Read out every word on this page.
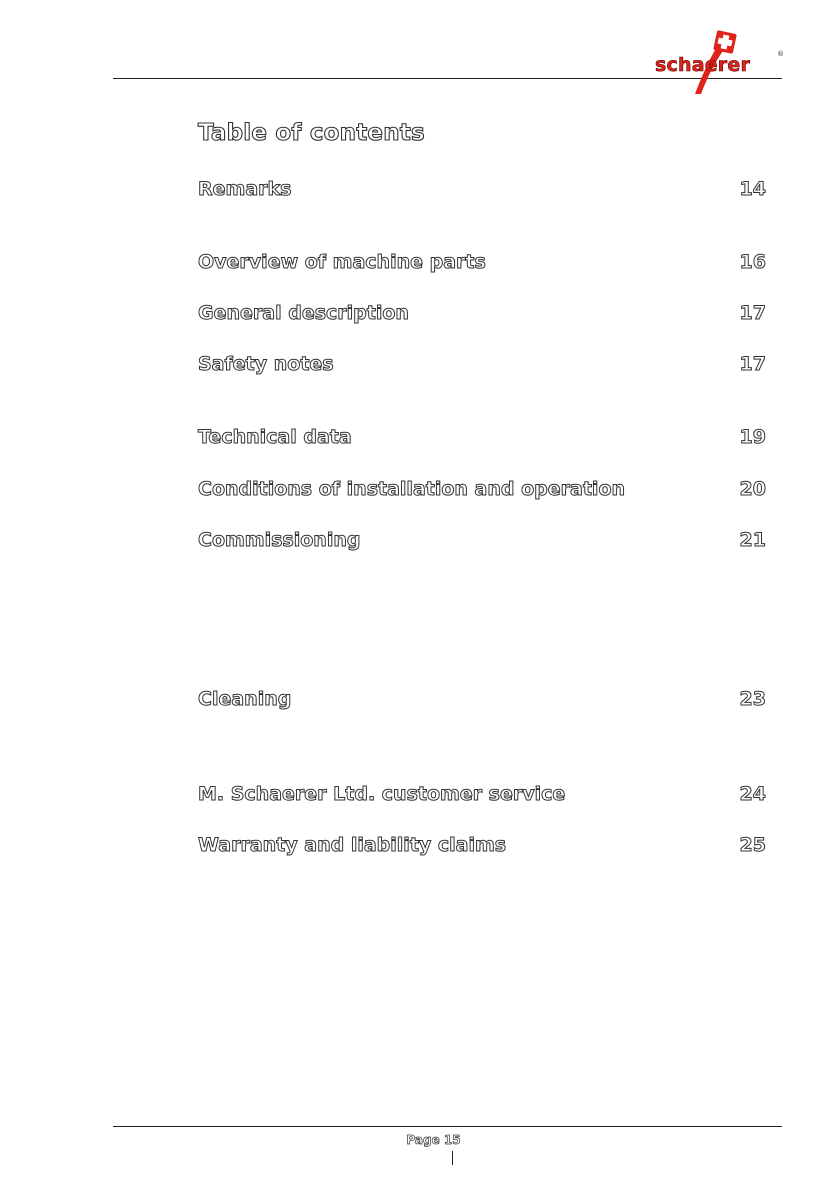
schaerer	®
Table of contents
Remarks	14
Overview of machine parts	16
General description	17
Safety notes	17
Technical data	19
Conditions of installation and operation	20
Commissioning	21
Cleaning	23
M. Schaerer Ltd. customer service	24
Warranty and liability claims	25
Page 15
